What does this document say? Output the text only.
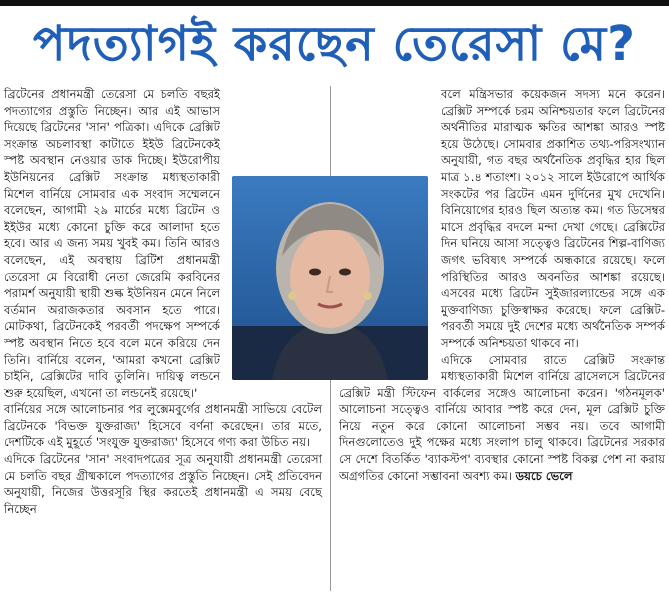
পদত্যাগই করছেন তেরেসা মে?

ব্রিটেনের প্রধানমন্ত্রী তেরেসা মে চলতি বছরই পদত্যাগের প্রস্তুতি নিচ্ছেন। আর এই আভাস দিয়েছে ব্রিটেনের 'সান' পত্রিকা। এদিকে ব্রেক্সিট সংক্রান্ত অচলাবস্থা কাটাতে ইইউ ব্রিটেনকেই স্পষ্ট অবস্থান নেওয়ার ডাক দিচ্ছে। ইউরোপীয় ইউনিয়নের ব্রেক্সিট সংক্রান্ত মধ্যস্থতাকারী মিশেল বার্নিয়ে সোমবার এক সংবাদ সম্মেলনে বলেছেন, আগামী ২৯ মার্চের মধ্যে ব্রিটেন ও ইইউর মধ্যে কোনো চুক্তি করে আলাদা হতে হবে। আর এ জন্য সময় খুবই কম। তিনি আরও বলেছেন, এই অবস্থায় ব্রিটিশ প্রধানমন্ত্রী তেরেসা মে বিরোধী নেতা জেরেমি করবিনের পরামর্শ অনুযায়ী স্থায়ী শুল্ক ইউনিয়ন মেনে নিলে বর্তমান অরাজকতার অবসান হতে পারে। মোটকথা, ব্রিটেনকেই পরবর্তী পদক্ষেপ সম্পর্কে স্পষ্ট অবস্থান নিতে হবে বলে মনে করিয়ে দেন তিনি। বার্নিয়ে বলেন, 'আমরা কখনো ব্রেক্সিট চাইনি, ব্রেক্সিটের দাবি তুলিনি। দায়িত্ব লন্ডনে শুরু হয়েছিল, এখনো তা লন্ডনেই রয়েছে।'

বার্নিয়ের সঙ্গে আলোচনার পর লুক্সেমবুর্গের প্রধানমন্ত্রী সাভিয়ে বেটেল ব্রিটেনকে 'বিভক্ত যুক্তরাজ্য' হিসেবে বর্ণনা করেছেন। তার মতে, দেশটিকে এই মুহূর্তে 'সংযুক্ত যুক্তরাজ্য' হিসেবে গণ্য করা উচিত নয়।

এদিকে ব্রিটেনের 'সান' সংবাদপত্রের সূত্র অনুযায়ী প্রধানমন্ত্রী তেরেসা মে চলতি বছর গ্রীষ্মকালে পদত্যাগের প্রস্তুতি নিচ্ছেন। সেই প্রতিবেদন অনুযায়ী, নিজের উত্তরসূরি স্থির করতেই প্রধানমন্ত্রী এ সময় বেছে নিচ্ছেন

বলে মন্ত্রিসভার কয়েকজন সদস্য মনে করেন। ব্রেক্সিট সম্পর্কে চরম অনিশ্চয়তার ফলে ব্রিটেনের অর্থনীতির মারাত্মক ক্ষতির আশঙ্কা আরও স্পষ্ট হয়ে উঠেছে। সোমবার প্রকাশিত তথ্য-পরিসংখ্যান অনুযায়ী, গত বছর অর্থনৈতিক প্রবৃদ্ধির হার ছিল মাত্র ১.৪ শতাংশ। ২০১২ সালে ইউরোপে আর্থিক সংকটের পর ব্রিটেন এমন দুর্দিনের মুখ দেখেনি। বিনিয়োগের হারও ছিল অত্যন্ত কম। গত ডিসেম্বর মাসে প্রবৃদ্ধির বদলে মন্দা দেখা গেছে। ব্রেক্সিটের দিন ঘনিয়ে আসা সত্ত্বেও ব্রিটেনের শিল্প-বাণিজ্য জগৎ ভবিষ্যৎ সম্পর্কে অন্ধকারে রয়েছে। ফলে পরিস্থিতির আরও অবনতির আশঙ্কা রয়েছে। এসবের মধ্যে ব্রিটেন সুইজারল্যান্ডের সঙ্গে এক মুক্তবাণিজ্য চুক্তিস্বাক্ষর করেছে। ফলে ব্রেক্সিট-পরবর্তী সময়ে দুই দেশের মধ্যে অর্থনৈতিক সম্পর্ক সম্পর্কে অনিশ্চয়তা থাকবে না।

এদিকে সোমবার রাতে ব্রেক্সিট সংক্রান্ত মধ্যস্থতাকারী মিশেল বার্নিয়ে ব্রাসেলসে ব্রিটেনের ব্রেক্সিট মন্ত্রী স্টিফেন বার্কলের সঙ্গেও আলোচনা করেন। 'গঠনমূলক' আলোচনা সত্ত্বেও বার্নিয়ে আবার স্পষ্ট করে দেন, মূল ব্রেক্সিট চুক্তি নিয়ে নতুন করে কোনো আলোচনা সম্ভব নয়। তবে আগামী দিনগুলোতেও দুই পক্ষের মধ্যে সংলাপ চালু থাকবে। ব্রিটেনের সরকার সে দেশে বিতর্কিত 'ব্যাকস্টপ' ব্যবস্থার কোনো স্পষ্ট বিকল্প পেশ না করায় অগ্রগতির কোনো সম্ভাবনা অবশ্য কম। ডয়চে ভেলে
